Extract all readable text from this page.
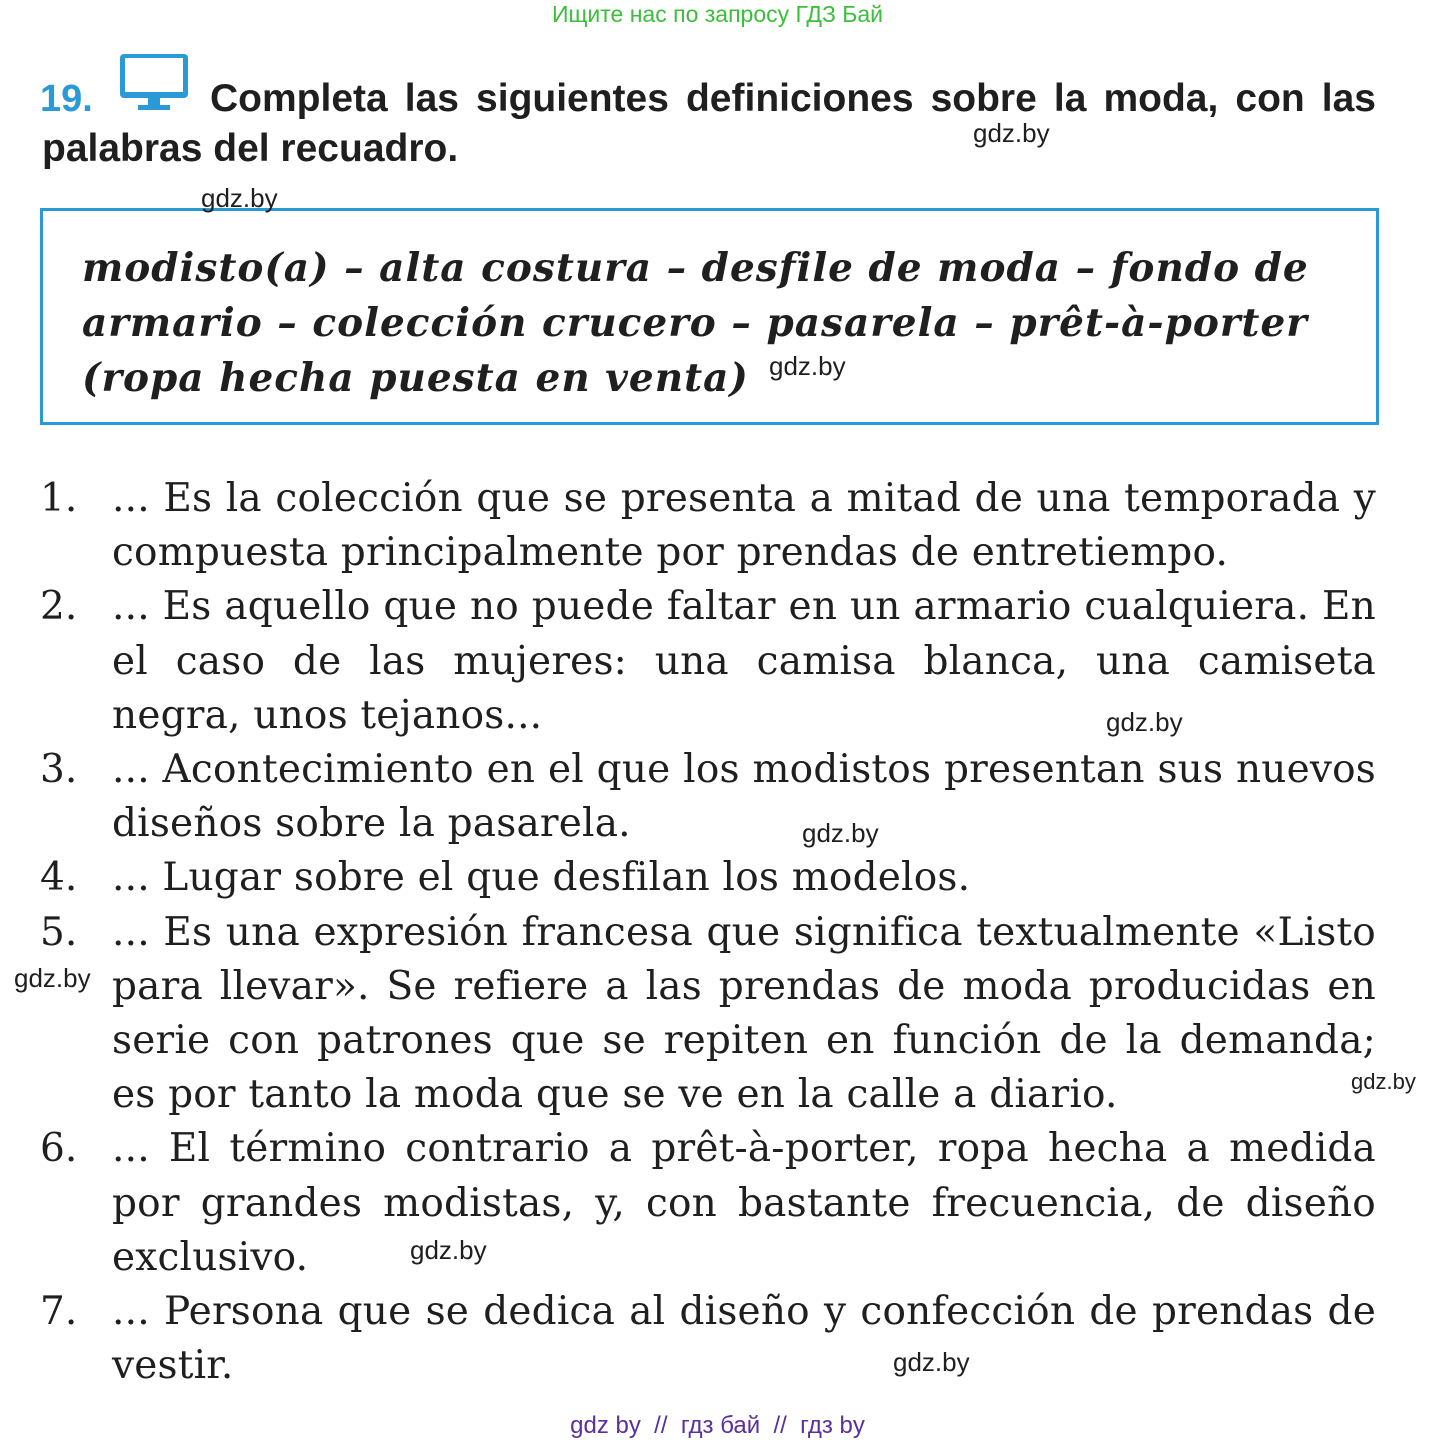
Ищите нас по запросу ГДЗ Бай
19.	Completa las siguientes definiciones sobre la moda, con las palabras del recuadro.

modisto(a) – alta costura – desfile de moda – fondo de armario – colección crucero – pasarela – prêt-à-porter (ropa hecha puesta en venta)

1. ... Es la colección que se presenta a mitad de una temporada y compuesta principalmente por prendas de entretiempo.
2. ... Es aquello que no puede faltar en un armario cualquiera. En el caso de las mujeres: una camisa blanca, una camiseta negra, unos tejanos...
3. ... Acontecimiento en el que los modistos presentan sus nuevos diseños sobre la pasarela.
4. ... Lugar sobre el que desfilan los modelos.
5. ... Es una expresión francesa que significa textualmente «Listo para llevar». Se refiere a las prendas de moda producidas en serie con patrones que se repiten en función de la demanda; es por tanto la moda que se ve en la calle a diario.
6. ... El término contrario a prêt-à-porter, ropa hecha a medida por grandes modistas, y, con bastante frecuencia, de diseño exclusivo.
7. ... Persona que se dedica al diseño y confección de prendas de vestir.
gdz.by
gdz.by
gdz.by
gdz.by
gdz.by
gdz.by
gdz.by
gdz.by
gdz.by
gdz by  //  гдз бай  //  гдз by
